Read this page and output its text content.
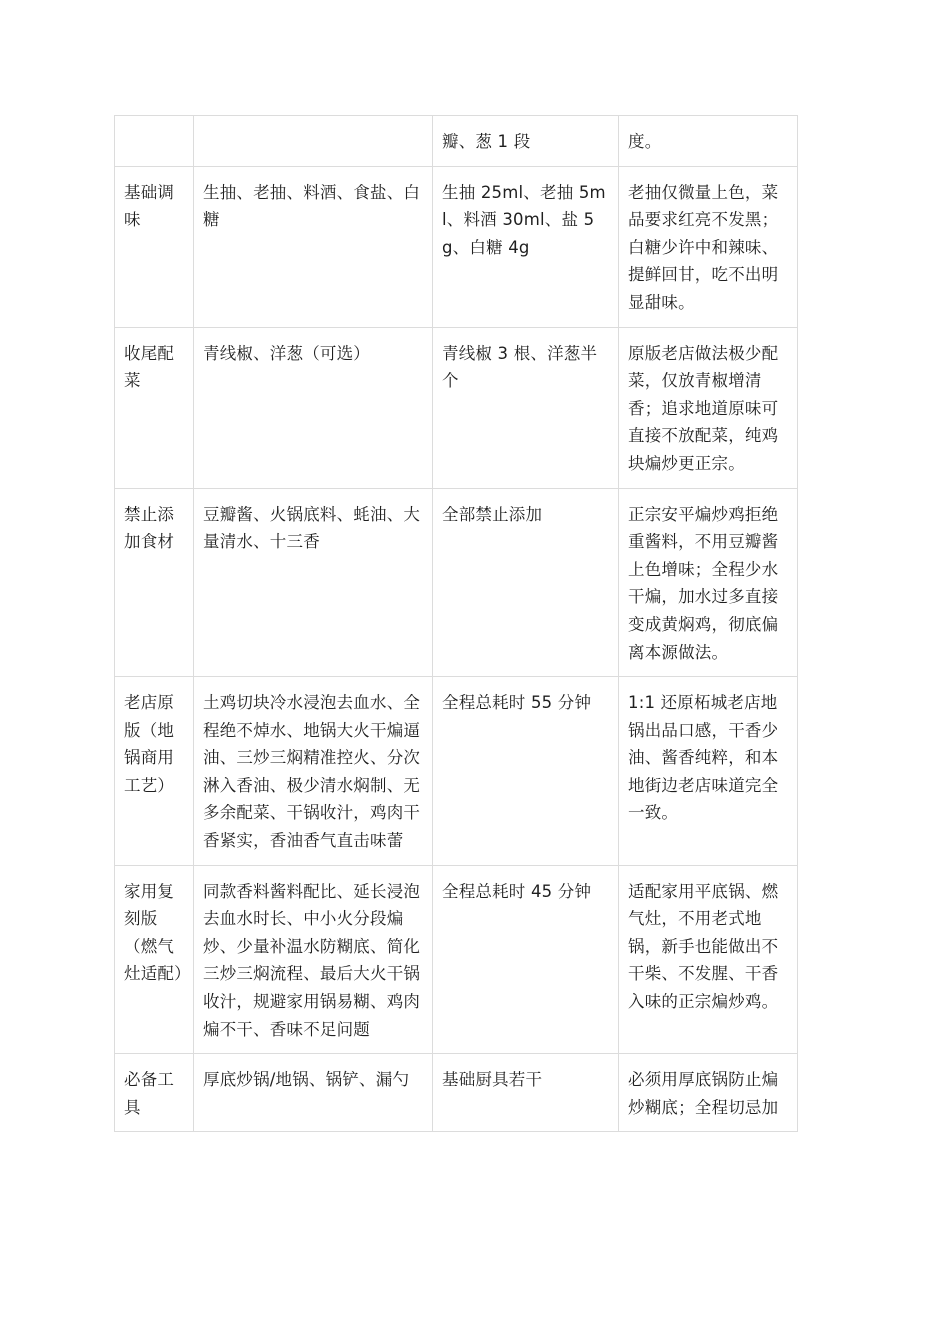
		瓣、葱 1 段	度。
基础调味	生抽、老抽、料酒、食盐、白糖	生抽 25ml、老抽 5ml、料酒 30ml、盐 5g、白糖 4g	老抽仅微量上色，菜品要求红亮不发黑；白糖少许中和辣味、提鲜回甘，吃不出明显甜味。
收尾配菜	青线椒、洋葱（可选）	青线椒 3 根、洋葱半个	原版老店做法极少配菜，仅放青椒增清香；追求地道原味可直接不放配菜，纯鸡块煸炒更正宗。
禁止添加食材	豆瓣酱、火锅底料、蚝油、大量清水、十三香	全部禁止添加	正宗安平煸炒鸡拒绝重酱料，不用豆瓣酱上色增味；全程少水干煸，加水过多直接变成黄焖鸡，彻底偏离本源做法。
老店原版（地锅商用工艺）	土鸡切块冷水浸泡去血水、全程绝不焯水、地锅大火干煸逼油、三炒三焖精准控火、分次淋入香油、极少清水焖制、无多余配菜、干锅收汁，鸡肉干香紧实，香油香气直击味蕾	全程总耗时 55 分钟	1:1 还原柘城老店地锅出品口感，干香少油、酱香纯粹，和本地街边老店味道完全一致。
家用复刻版（燃气灶适配）	同款香料酱料配比、延长浸泡去血水时长、中小火分段煸炒、少量补温水防糊底、简化三炒三焖流程、最后大火干锅收汁，规避家用锅易糊、鸡肉煸不干、香味不足问题	全程总耗时 45 分钟	适配家用平底锅、燃气灶，不用老式地锅，新手也能做出不干柴、不发腥、干香入味的正宗煸炒鸡。
必备工具	厚底炒锅/地锅、锅铲、漏勺	基础厨具若干	必须用厚底锅防止煸炒糊底；全程切忌加
